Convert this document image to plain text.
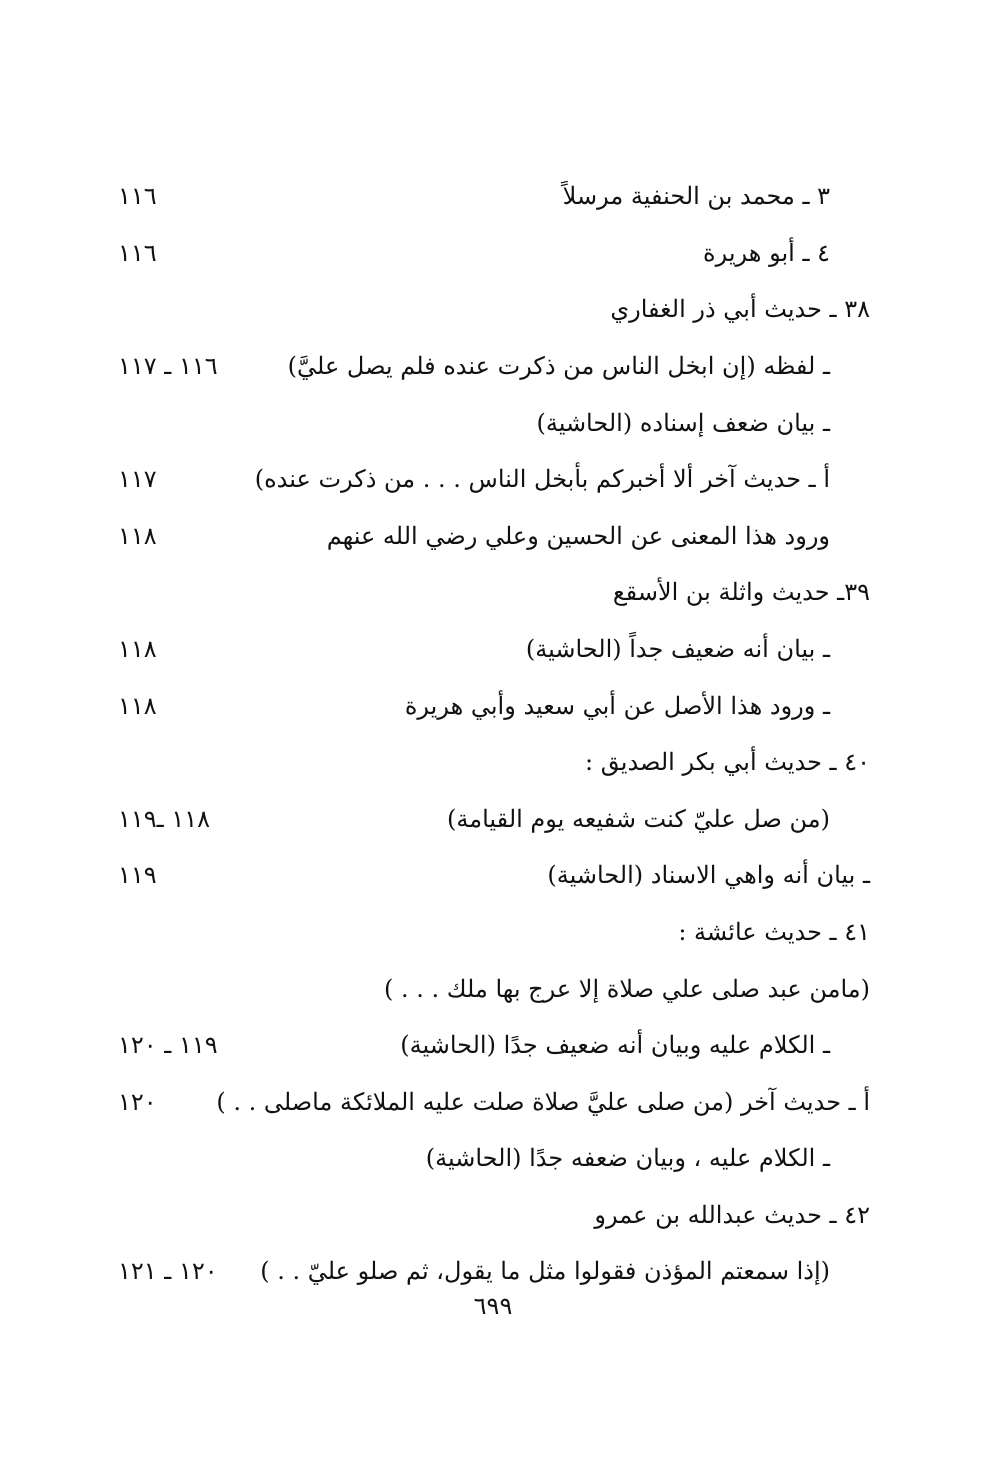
٣ ـ محمد بن الحنفية مرسلاً
١١٦
٤ ـ أبو هريرة
١١٦
٣٨ ـ حديث أبي ذر الغفاري
ـ لفظه (إن ابخل الناس من ذكرت عنده فلم يصل عليَّ)
١١٦ ـ ١١٧
ـ بيان ضعف إسناده (الحاشية)
أ ـ حديث آخر ألا أخبركم بأبخل الناس . . . من ذكرت عنده)
١١٧
ورود هذا المعنى عن الحسين وعلي رضي الله عنهم
١١٨
٣٩ـ حديث واثلة بن الأسقع
ـ بيان أنه ضعيف جداً (الحاشية)
١١٨
ـ ورود هذا الأصل عن أبي سعيد وأبي هريرة
١١٨
٤٠ ـ حديث أبي بكر الصديق :
(من صل عليّ كنت شفيعه يوم القيامة)
١١٨ ـ١١٩
ـ بيان أنه واهي الاسناد (الحاشية)
١١٩
٤١ ـ حديث عائشة :
(مامن عبد صلى علي صلاة إلا عرج بها ملك . . . )
ـ الكلام عليه وبيان أنه ضعيف جدًا (الحاشية)
١١٩ ـ ١٢٠
أ ـ حديث آخر (من صلى عليَّ صلاة صلت عليه الملائكة ماصلى . . )
١٢٠
ـ الكلام عليه ، وبيان ضعفه جدًا (الحاشية)
٤٢ ـ حديث عبدالله بن عمرو
(إذا سمعتم المؤذن فقولوا مثل ما يقول، ثم صلو عليّ . . )
١٢٠ ـ ١٢١
٦٩٩
